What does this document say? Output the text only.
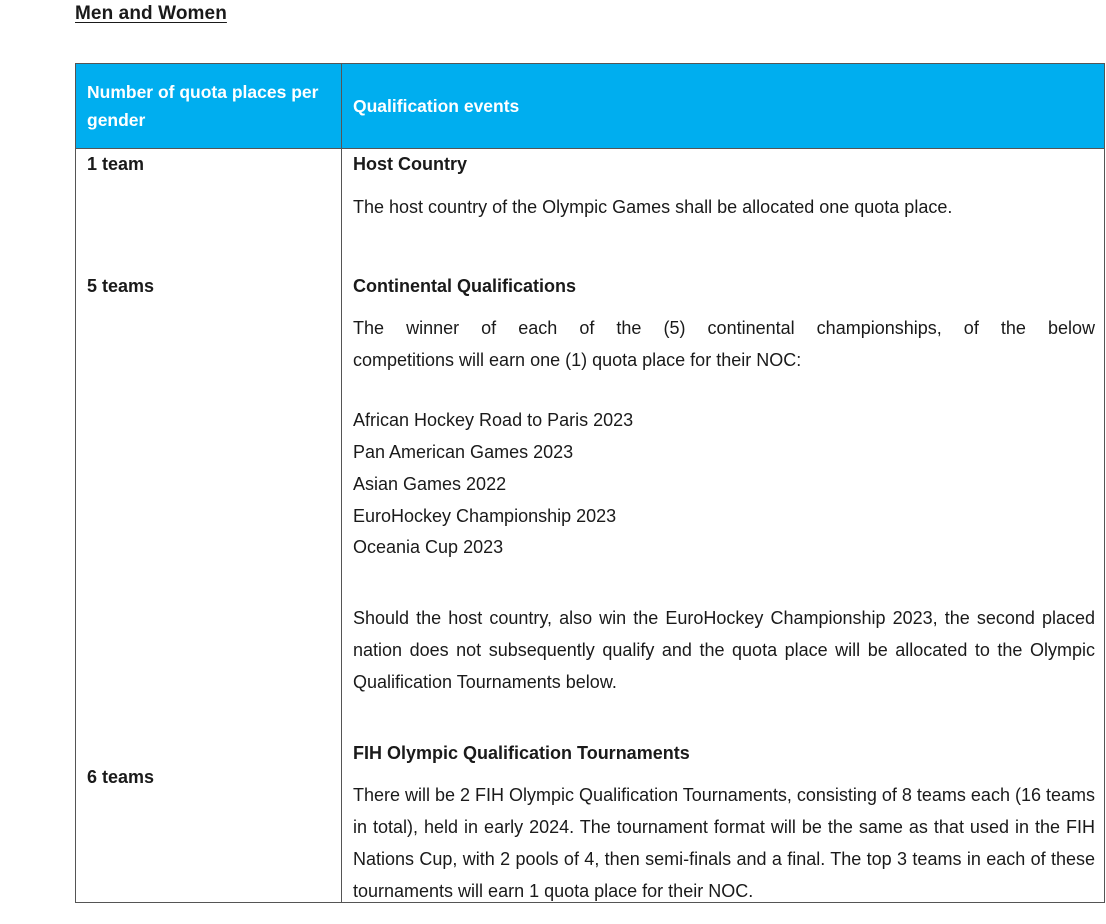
Men and Women
Number of quota places per gender
Qualification events
1 team	Host Country
The host country of the Olympic Games shall be allocated one quota place.
5 teams	Continental Qualifications
The winner of each of the (5) continental championships, of the below
competitions will earn one (1) quota place for their NOC:
African Hockey Road to Paris 2023
Pan American Games 2023
Asian Games 2022
EuroHockey Championship 2023
Oceania Cup 2023
Should the host country, also win the EuroHockey Championship 2023, the second placed nation does not subsequently qualify and the quota place will be allocated to the Olympic Qualification Tournaments below.
6 teams
FIH Olympic Qualification Tournaments
There will be 2 FIH Olympic Qualification Tournaments, consisting of 8 teams each (16 teams in total), held in early 2024. The tournament format will be the same as that used in the FIH Nations Cup, with 2 pools of 4, then semi-finals and a final. The top 3 teams in each of these tournaments will earn 1 quota place for their NOC.
